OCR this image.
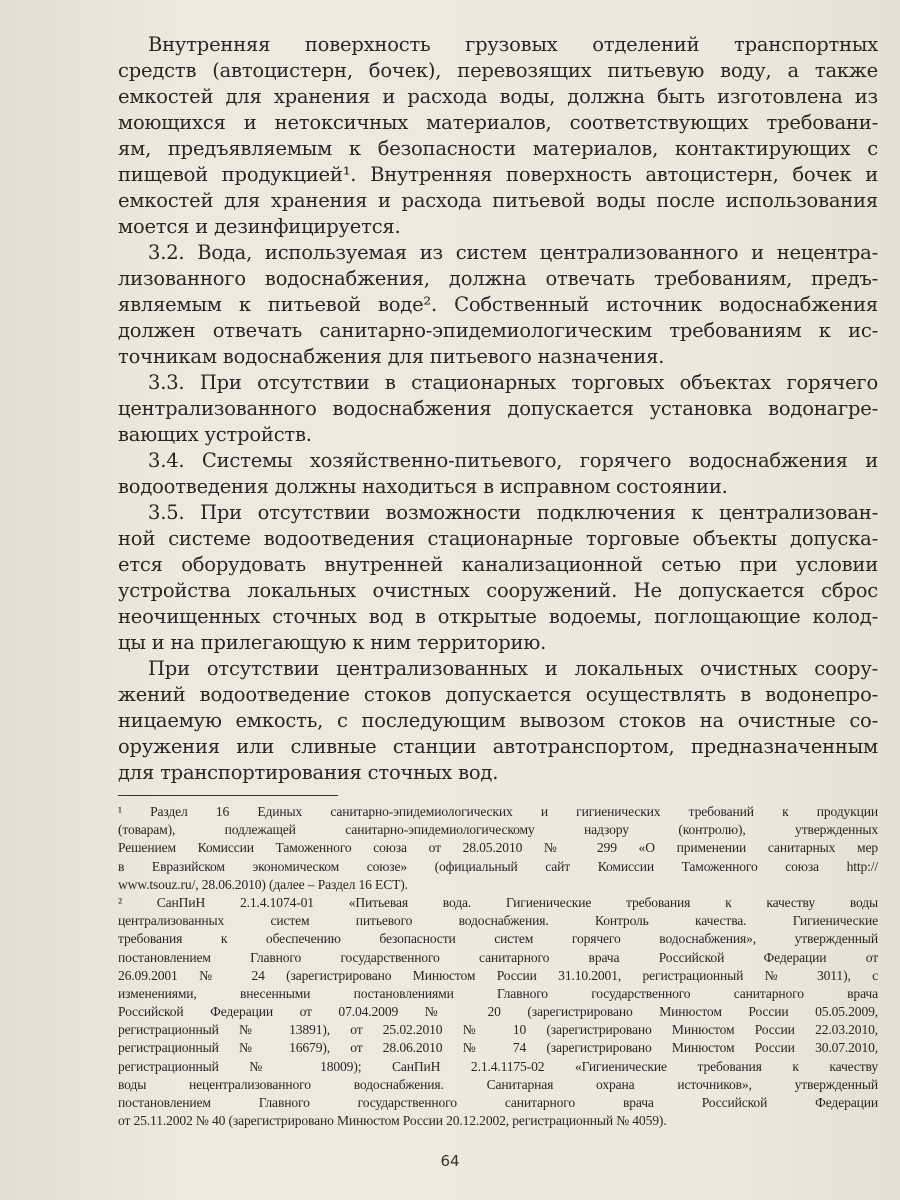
Внутренняя поверхность грузовых отделений транспортных
средств (автоцистерн, бочек), перевозящих питьевую воду, а также
емкостей для хранения и расхода воды, должна быть изготовлена из
моющихся и нетоксичных материалов, соответствующих требовани-
ям, предъявляемым к безопасности материалов, контактирующих с
пищевой продукцией¹. Внутренняя поверхность автоцистерн, бочек и
емкостей для хранения и расхода питьевой воды после использования
моется и дезинфицируется.
3.2. Вода, используемая из систем централизованного и нецентра-
лизованного водоснабжения, должна отвечать требованиям, предъ-
являемым к питьевой воде². Собственный источник водоснабжения
должен отвечать санитарно-эпидемиологическим требованиям к ис-
точникам водоснабжения для питьевого назначения.
3.3. При отсутствии в стационарных торговых объектах горячего
централизованного водоснабжения допускается установка водонагре-
вающих устройств.
3.4. Системы хозяйственно-питьевого, горячего водоснабжения и
водоотведения должны находиться в исправном состоянии.
3.5. При отсутствии возможности подключения к централизован-
ной системе водоотведения стационарные торговые объекты допуска-
ется оборудовать внутренней канализационной сетью при условии
устройства локальных очистных сооружений. Не допускается сброс
неочищенных сточных вод в открытые водоемы, поглощающие колод-
цы и на прилегающую к ним территорию.
При отсутствии централизованных и локальных очистных соору-
жений водоотведение стоков допускается осуществлять в водонепро-
ницаемую емкость, с последующим вывозом стоков на очистные со-
оружения или сливные станции автотранспортом, предназначенным
для транспортирования сточных вод.
¹ Раздел 16 Единых санитарно-эпидемиологических и гигиенических требований к продукции
(товарам), подлежащей санитарно-эпидемиологическому надзору (контролю), утвержденных
Решением Комиссии Таможенного союза от 28.05.2010 № 299 «О применении санитарных мер
в Евразийском экономическом союзе» (официальный сайт Комиссии Таможенного союза http://
www.tsouz.ru/, 28.06.2010) (далее – Раздел 16 ЕСТ).
² СанПиН 2.1.4.1074-01 «Питьевая вода. Гигиенические требования к качеству воды
централизованных систем питьевого водоснабжения. Контроль качества. Гигиенические
требования к обеспечению безопасности систем горячего водоснабжения», утвержденный
постановлением Главного государственного санитарного врача Российской Федерации от
26.09.2001 № 24 (зарегистрировано Минюстом России 31.10.2001, регистрационный № 3011), с
изменениями, внесенными постановлениями Главного государственного санитарного врача
Российской Федерации от 07.04.2009 № 20 (зарегистрировано Минюстом России 05.05.2009,
регистрационный № 13891), от 25.02.2010 № 10 (зарегистрировано Минюстом России 22.03.2010,
регистрационный № 16679), от 28.06.2010 № 74 (зарегистрировано Минюстом России 30.07.2010,
регистрационный № 18009); СанПиН 2.1.4.1175-02 «Гигиенические требования к качеству
воды нецентрализованного водоснабжения. Санитарная охрана источников», утвержденный
постановлением Главного государственного санитарного врача Российской Федерации
от 25.11.2002 № 40 (зарегистрировано Минюстом России 20.12.2002, регистрационный № 4059).
64
